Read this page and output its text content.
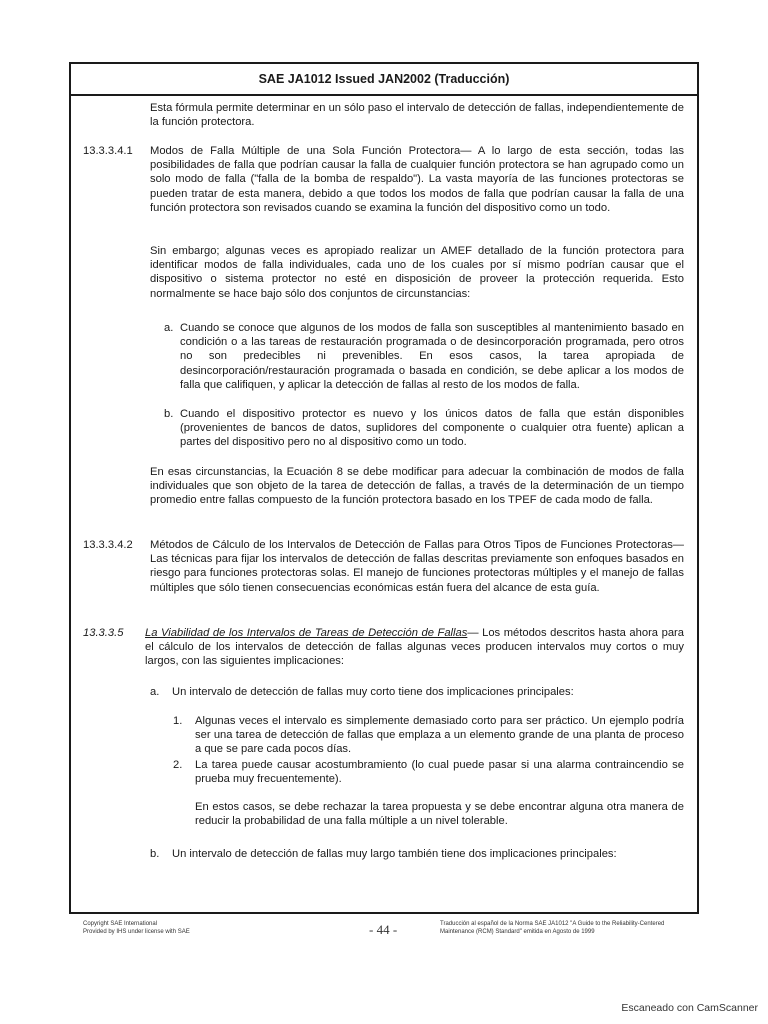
SAE JA1012 Issued JAN2002 (Traducción)
Esta fórmula permite determinar en un sólo paso el intervalo de detección de fallas, independientemente de la función protectora.
13.3.3.4.1 Modos de Falla Múltiple de una Sola Función Protectora— A lo largo de esta sección, todas las posibilidades de falla que podrían causar la falla de cualquier función protectora se han agrupado como un solo modo de falla ("falla de la bomba de respaldo"). La vasta mayoría de las funciones protectoras se pueden tratar de esta manera, debido a que todos los modos de falla que podrían causar la falla de una función protectora son revisados cuando se examina la función del dispositivo como un todo.
Sin embargo; algunas veces es apropiado realizar un AMEF detallado de la función protectora para identificar modos de falla individuales, cada uno de los cuales por sí mismo podrían causar que el dispositivo o sistema protector no esté en disposición de proveer la protección requerida. Esto normalmente se hace bajo sólo dos conjuntos de circunstancias:
a. Cuando se conoce que algunos de los modos de falla son susceptibles al mantenimiento basado en condición o a las tareas de restauración programada o de desincorporación programada, pero otros no son predecibles ni prevenibles. En esos casos, la tarea apropiada de desincorporación/restauración programada o basada en condición, se debe aplicar a los modos de falla que califiquen, y aplicar la detección de fallas al resto de los modos de falla.
b. Cuando el dispositivo protector es nuevo y los únicos datos de falla que están disponibles (provenientes de bancos de datos, suplidores del componente o cualquier otra fuente) aplican a partes del dispositivo pero no al dispositivo como un todo.
En esas circunstancias, la Ecuación 8 se debe modificar para adecuar la combinación de modos de falla individuales que son objeto de la tarea de detección de fallas, a través de la determinación de un tiempo promedio entre fallas compuesto de la función protectora basado en los TPEF de cada modo de falla.
13.3.3.4.2 Métodos de Cálculo de los Intervalos de Detección de Fallas para Otros Tipos de Funciones Protectoras— Las técnicas para fijar los intervalos de detección de fallas descritas previamente son enfoques basados en riesgo para funciones protectoras solas. El manejo de funciones protectoras múltiples y el manejo de fallas múltiples que sólo tienen consecuencias económicas están fuera del alcance de esta guía.
13.3.3.5 La Viabilidad de los Intervalos de Tareas de Detección de Fallas— Los métodos descritos hasta ahora para el cálculo de los intervalos de detección de fallas algunas veces producen intervalos muy cortos o muy largos, con las siguientes implicaciones:
a. Un intervalo de detección de fallas muy corto tiene dos implicaciones principales:
1. Algunas veces el intervalo es simplemente demasiado corto para ser práctico. Un ejemplo podría ser una tarea de detección de fallas que emplaza a un elemento grande de una planta de proceso a que se pare cada pocos días.
2. La tarea puede causar acostumbramiento (lo cual puede pasar si una alarma contraincendio se prueba muy frecuentemente).
En estos casos, se debe rechazar la tarea propuesta y se debe encontrar alguna otra manera de reducir la probabilidad de una falla múltiple a un nivel tolerable.
b. Un intervalo de detección de fallas muy largo también tiene dos implicaciones principales:
Copyright SAE International
Provided by IHS under license with SAE	- 44 -	Traducción al español de la Norma SAE JA1012 "A Guide to the Reliability-Centered
Maintenance (RCM) Standard" emitida en Agosto de 1999
Escaneado con CamScanner
